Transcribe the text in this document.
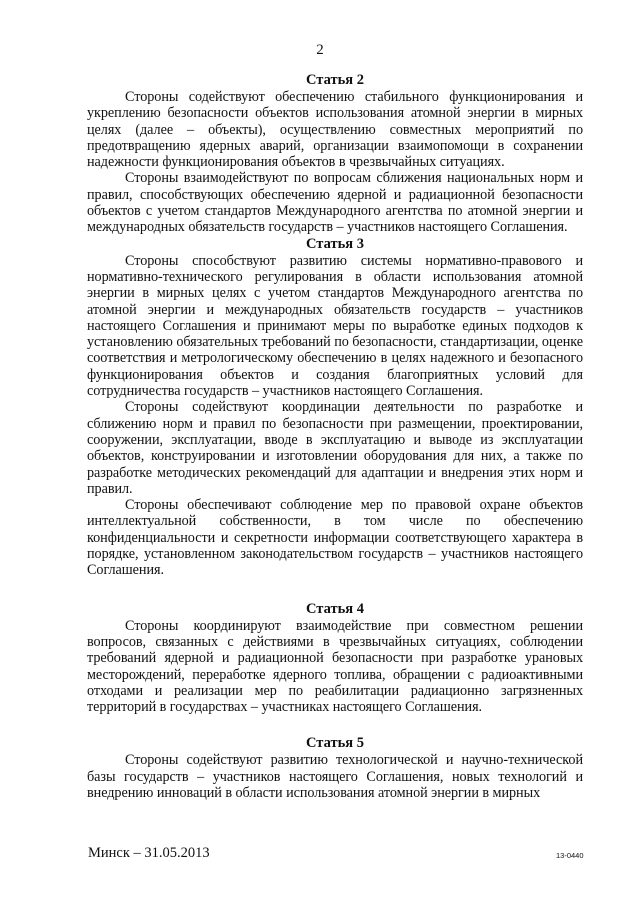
2
Статья 2

Стороны содействуют обеспечению стабильного функционирования и укреплению безопасности объектов использования атомной энергии в мирных целях (далее – объекты), осуществлению совместных мероприятий по предотвращению ядерных аварий, организации взаимопомощи в сохранении надежности функционирования объектов в чрезвычайных ситуациях.

Стороны взаимодействуют по вопросам сближения национальных норм и правил, способствующих обеспечению ядерной и радиационной безопасности объектов с учетом стандартов Международного агентства по атомной энергии и международных обязательств государств – участников настоящего Соглашения.

Статья 3

Стороны способствуют развитию системы нормативно-правового и нормативно-технического регулирования в области использования атомной энергии в мирных целях с учетом стандартов Международного агентства по атомной энергии и международных обязательств государств – участников настоящего Соглашения и принимают меры по выработке единых подходов к установлению обязательных требований по безопасности, стандартизации, оценке соответствия и метрологическому обеспечению в целях надежного и безопасного функционирования объектов и создания благоприятных условий для сотрудничества государств – участников настоящего Соглашения.

Стороны содействуют координации деятельности по разработке и сближению норм и правил по безопасности при размещении, проектировании, сооружении, эксплуатации, вводе в эксплуатацию и выводе из эксплуатации объектов, конструировании и изготовлении оборудования для них, а также по разработке методических рекомендаций для адаптации и внедрения этих норм и правил.

Стороны обеспечивают соблюдение мер по правовой охране объектов интеллектуальной собственности, в том числе по обеспечению конфиденциальности и секретности информации соответствующего характера в порядке, установленном законодательством государств – участников настоящего Соглашения.

Статья 4

Стороны координируют взаимодействие при совместном решении вопросов, связанных с действиями в чрезвычайных ситуациях, соблюдении требований ядерной и радиационной безопасности при разработке урановых месторождений, переработке ядерного топлива, обращении с радиоактивными отходами и реализации мер по реабилитации радиационно загрязненных территорий в государствах – участниках настоящего Соглашения.

Статья 5

Стороны содействуют развитию технологической и научно-технической базы государств – участников настоящего Соглашения, новых технологий и внедрению инноваций в области использования атомной энергии в мирных

Минск – 31.05.2013	13-0440
